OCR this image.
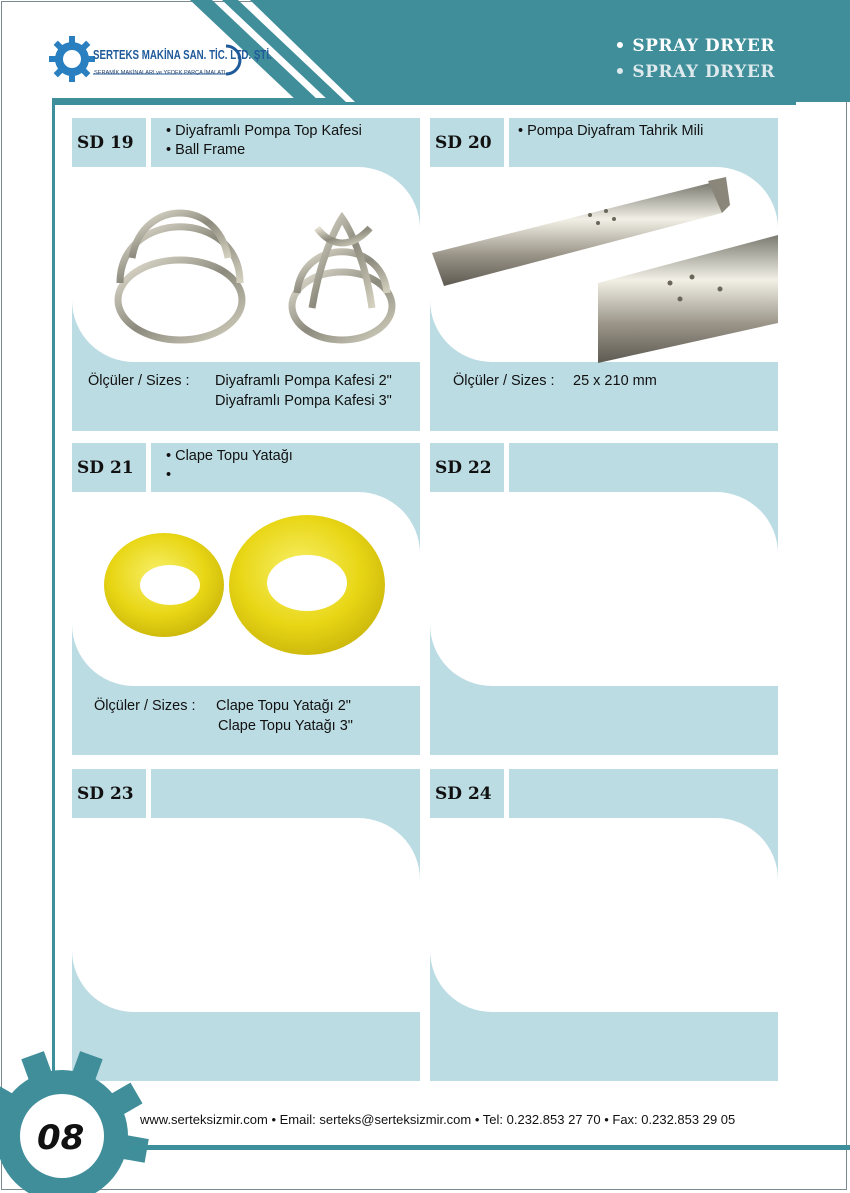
SERTEKS MAKİNA SAN. TİC. LTD. ŞTİ.
SERAMİK MAKİNALARI ve YEDEK PARÇA İMALATI
• SPRAY DRYER
• SPRAY DRYER
SD 19
• Diyaframlı Pompa Top Kafesi
• Ball Frame
Ölçüler / Sizes : Diyaframlı Pompa Kafesi 2"
Diyaframlı Pompa Kafesi 3"
SD 20
• Pompa Diyafram Tahrik Mili
Ölçüler / Sizes : 25 x 210 mm
SD 21
• Clape Topu Yatağı
•
Ölçüler / Sizes : Clape Topu Yatağı 2"
Clape Topu Yatağı 3"
SD 22
SD 23	SD 24
08	www.serteksizmir.com • Email: serteks@serteksizmir.com • Tel: 0.232.853 27 70 • Fax: 0.232.853 29 05
